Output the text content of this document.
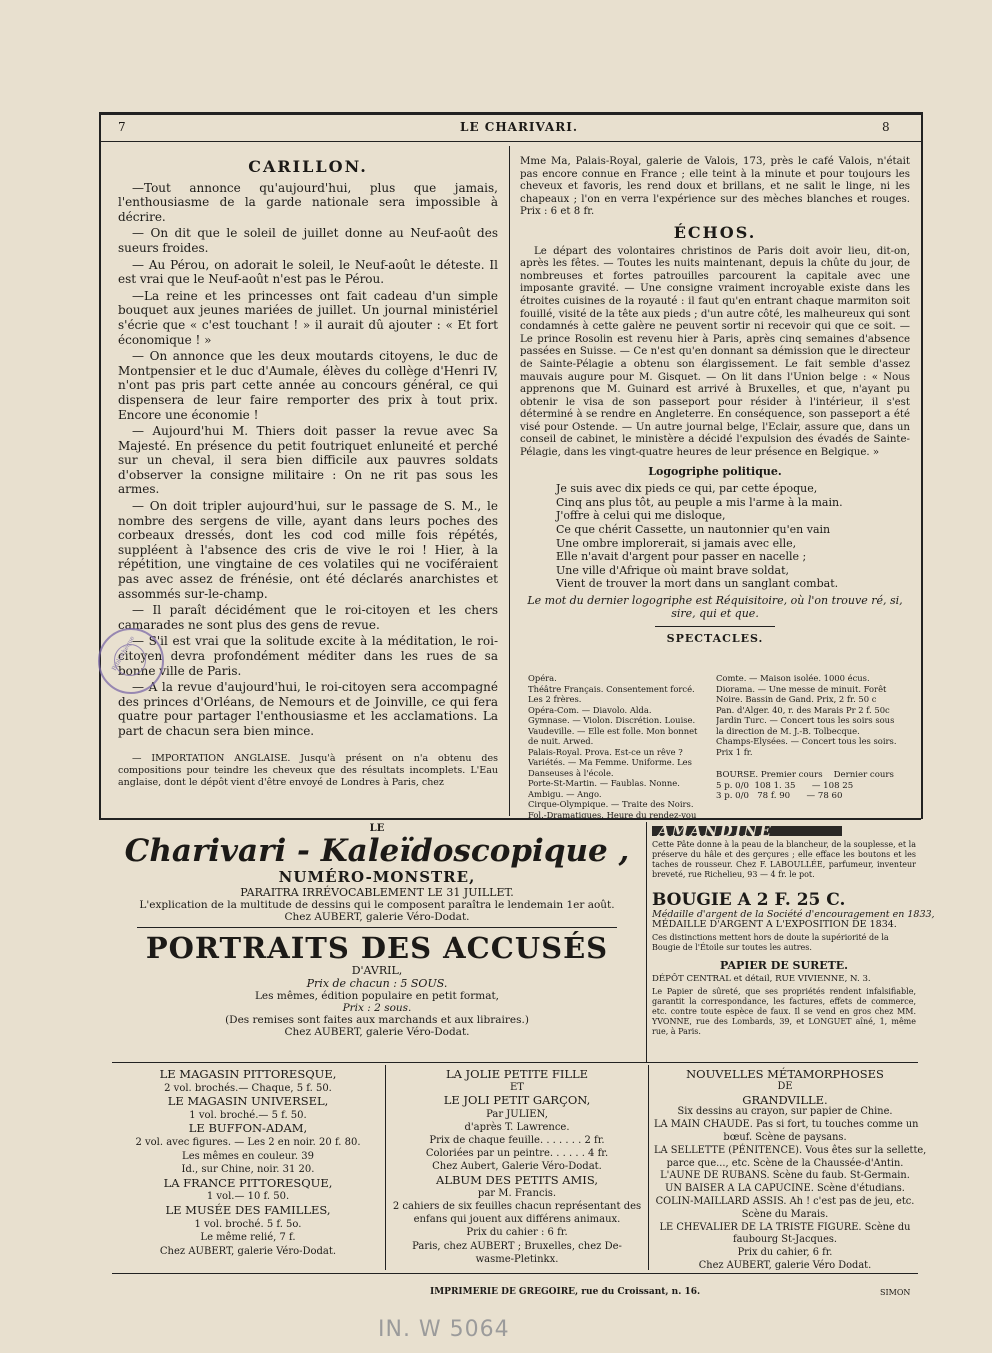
7	LE CHARIVARI.	8
CARILLON.

—Tout annonce qu'aujourd'hui, plus que jamais, l'enthousiasme de la garde nationale sera impossible à décrire.

— On dit que le soleil de juillet donne au Neuf-août des sueurs froides.

— Au Pérou, on adorait le soleil, le Neuf-août le déteste. Il est vrai que le Neuf-août n'est pas le Pérou.

—La reine et les princesses ont fait cadeau d'un simple bouquet aux jeunes mariées de juillet. Un journal ministériel s'écrie que « c'est touchant ! » il aurait dû ajouter : « Et fort économique ! »

— On annonce que les deux moutards citoyens, le duc de Montpensier et le duc d'Aumale, élèves du collège d'Henri IV, n'ont pas pris part cette année au concours général, ce qui dispensera de leur faire remporter des prix à tout prix. Encore une économie !

— Aujourd'hui M. Thiers doit passer la revue avec Sa Majesté. En présence du petit foutriquet enluneité et perché sur un cheval, il sera bien difficile aux pauvres soldats d'observer la consigne militaire : On ne rit pas sous les armes.

— On doit tripler aujourd'hui, sur le passage de S. M., le nombre des sergens de ville, ayant dans leurs poches des corbeaux dressés, dont les cod cod mille fois répétés, suppléent à l'absence des cris de vive le roi ! Hier, à la répétition, une vingtaine de ces volatiles qui ne vociféraient pas avec assez de frénésie, ont été déclarés anarchistes et assommés sur-le-champ.

— Il paraît décidément que le roi-citoyen et les chers camarades ne sont plus des gens de revue.

— S'il est vrai que la solitude excite à la méditation, le roi-citoyen devra profondément méditer dans les rues de sa bonne ville de Paris.

— A la revue d'aujourd'hui, le roi-citoyen sera accompagné des princes d'Orléans, de Nemours et de Joinville, ce qui fera quatre pour partager l'enthousiasme et les acclamations. La part de chacun sera bien mince.

— IMPORTATION ANGLAISE. Jusqu'à présent on n'a obtenu des compositions pour teindre les cheveux que des résultats incomplets. L'Eau anglaise, dont le dépôt vient d'être envoyé de Londres à Paris, chez

Bibliothèque

Mme Ma, Palais-Royal, galerie de Valois, 173, près le café Valois, n'était pas encore connue en France ; elle teint à la minute et pour toujours les cheveux et favoris, les rend doux et brillans, et ne salit le linge, ni les chapeaux ; l'on en verra l'expérience sur des mèches blanches et rouges. Prix : 6 et 8 fr.

ÉCHOS.

Le départ des volontaires christinos de Paris doit avoir lieu, dit-on, après les fêtes. — Toutes les nuits maintenant, depuis la chûte du jour, de nombreuses et fortes patrouilles parcourent la capitale avec une imposante gravité. — Une consigne vraiment incroyable existe dans les étroites cuisines de la royauté : il faut qu'en entrant chaque marmiton soit fouillé, visité de la tête aux pieds ; d'un autre côté, les malheureux qui sont condamnés à cette galère ne peuvent sortir ni recevoir qui que ce soit. — Le prince Rosolin est revenu hier à Paris, après cinq semaines d'absence passées en Suisse. — Ce n'est qu'en donnant sa démission que le directeur de Sainte-Pélagie a obtenu son élargissement. Le fait semble d'assez mauvais augure pour M. Gisquet. — On lit dans l'Union belge : « Nous apprenons que M. Guinard est arrivé à Bruxelles, et que, n'ayant pu obtenir le visa de son passeport pour résider à l'intérieur, il s'est déterminé à se rendre en Angleterre. En conséquence, son passeport a été visé pour Ostende. — Un autre journal belge, l'Eclair, assure que, dans un conseil de cabinet, le ministère a décidé l'expulsion des évadés de Sainte-Pélagie, dans les vingt-quatre heures de leur présence en Belgique. »

Logogriphe politique.
Je suis avec dix pieds ce qui, par cette époque,
Cinq ans plus tôt, au peuple a mis l'arme à la main.
J'offre à celui qui me disloque,
Ce que chérit Cassette, un nautonnier qu'en vain
Une ombre implorerait, si jamais avec elle,
Elle n'avait d'argent pour passer en nacelle ;
Une ville d'Afrique où maint brave soldat,
Vient de trouver la mort dans un sanglant combat.
Le mot du dernier logogriphe est Réquisitoire, où l'on trouve ré, si, sire, qui et que.
SPECTACLES.
Opéra.
Théâtre Français. Consentement forcé.
Les 2 frères.
Opéra-Com. — Diavolo. Alda.
Gymnase. — Violon. Discrétion. Louise.
Vaudeville. — Elle est folle. Mon bonnet
de nuit. Arwed.
Palais-Royal. Prova. Est-ce un rêve ?
Variétés. — Ma Femme. Uniforme. Les
Danseuses à l'école.
Porte-St-Martin. — Faublas. Nonne.
Ambigu. — Ango.
Cirque-Olympique. — Traite des Noirs.
Fol.-Dramatiques. Heure du rendez-vou
Comte. — Maison isolée. 1000 écus.
Diorama. — Une messe de minuit. Forêt
Noire. Bassin de Gand. Prix, 2 fr. 50 c
Pan. d'Alger. 40, r. des Marais Pr 2 f. 50c
Jardin Turc. — Concert tous les soirs sous
la direction de M. J.-B. Tolbecque.
Champs-Elysées. — Concert tous les soirs.
Prix 1 fr.
BOURSE. Premier cours    Dernier cours
5 p. 0/0  108 1. 35      — 108 25
3 p. 0/0   78 f. 90      — 78 60
LE
Charivari - Kaleïdoscopique ,
NUMÉRO-MONSTRE,
PARAITRA IRRÉVOCABLEMENT LE 31 JUILLET.
L'explication de la multitude de dessins qui le composent paraîtra le lendemain 1er août.
Chez AUBERT, galerie Véro-Dodat.
PORTRAITS DES ACCUSÉS
D'AVRIL,
Prix de chacun : 5 SOUS.
Les mêmes, édition populaire en petit format,
Prix : 2 sous.
(Des remises sont faites aux marchands et aux libraires.)
Chez AUBERT, galerie Véro-Dodat.
AMANDINE
Cette Pâte donne à la peau de la blancheur, de la souplesse, et la préserve du hâle et des gerçures ; elle efface les boutons et les taches de rousseur. Chez F. LABOULLÉE, parfumeur, inventeur breveté, rue Richelieu, 93 — 4 fr. le pot.
BOUGIE A 2 F. 25 C.
Médaille d'argent de la Société d'encouragement en 1833,
MÉDAILLE D'ARGENT A L'EXPOSITION DE 1834.
Ces distinctions mettent hors de doute la supériorité de la Bougie de l'Étoile sur toutes les autres.
PAPIER DE SURETE.
DÉPÔT CENTRAL et détail, RUE VIVIENNE, N. 3.
Le Papier de sûreté, que ses propriétés rendent infalsifiable, garantit la correspondance, les factures, effets de commerce, etc. contre toute espèce de faux. Il se vend en gros chez MM. YVONNE, rue des Lombards, 39, et LONGUET aîné, 1, même rue, à Paris.
LE MAGASIN PITTORESQUE,
2 vol. brochés.— Chaque, 5 f. 50.
LE MAGASIN UNIVERSEL,
1 vol. broché.— 5 f. 50.
LE BUFFON-ADAM,
2 vol. avec figures. — Les 2 en noir. 20 f. 80.
Les mêmes en couleur. 39
Id., sur Chine, noir. 31 20.
LA FRANCE PITTORESQUE,
1 vol.— 10 f. 50.
LE MUSÉE DES FAMILLES,
1 vol. broché. 5 f. 5o.
Le même relié, 7 f.
Chez AUBERT, galerie Véro-Dodat.
LA JOLIE PETITE FILLE
ET
LE JOLI PETIT GARÇON,
Par JULIEN,
d'après T. Lawrence.
Prix de chaque feuille. . . . . . . 2 fr.
Coloriées par un peintre. . . . . . 4 fr.
Chez Aubert, Galerie Véro-Dodat.
ALBUM DES PETITS AMIS,
par M. Francis.
2 cahiers de six feuilles chacun représentant des
enfans qui jouent aux différens animaux.
Prix du cahier : 6 fr.
Paris, chez AUBERT ; Bruxelles, chez De-
wasme-Pletinkx.
NOUVELLES MÉTAMORPHOSES
DE
GRANDVILLE.
Six dessins au crayon, sur papier de Chine.
LA MAIN CHAUDE. Pas si fort, tu touches comme un
bœuf. Scène de paysans.
LA SELLETTE (PÉNITENCE). Vous êtes sur la sellette,
parce que..., etc. Scène de la Chaussée-d'Antin.
L'AUNE DE RUBANS. Scène du faub. St-Germain.
UN BAISER A LA CAPUCINE. Scène d'étudians.
COLIN-MAILLARD ASSIS. Ah ! c'est pas de jeu, etc.
Scène du Marais.
LE CHEVALIER DE LA TRISTE FIGURE. Scène du
faubourg St-Jacques.
Prix du cahier, 6 fr.
Chez AUBERT, galerie Véro Dodat.
IMPRIMERIE DE GREGOIRE, rue du Croissant, n. 16.	SIMON
IN. W 5064
